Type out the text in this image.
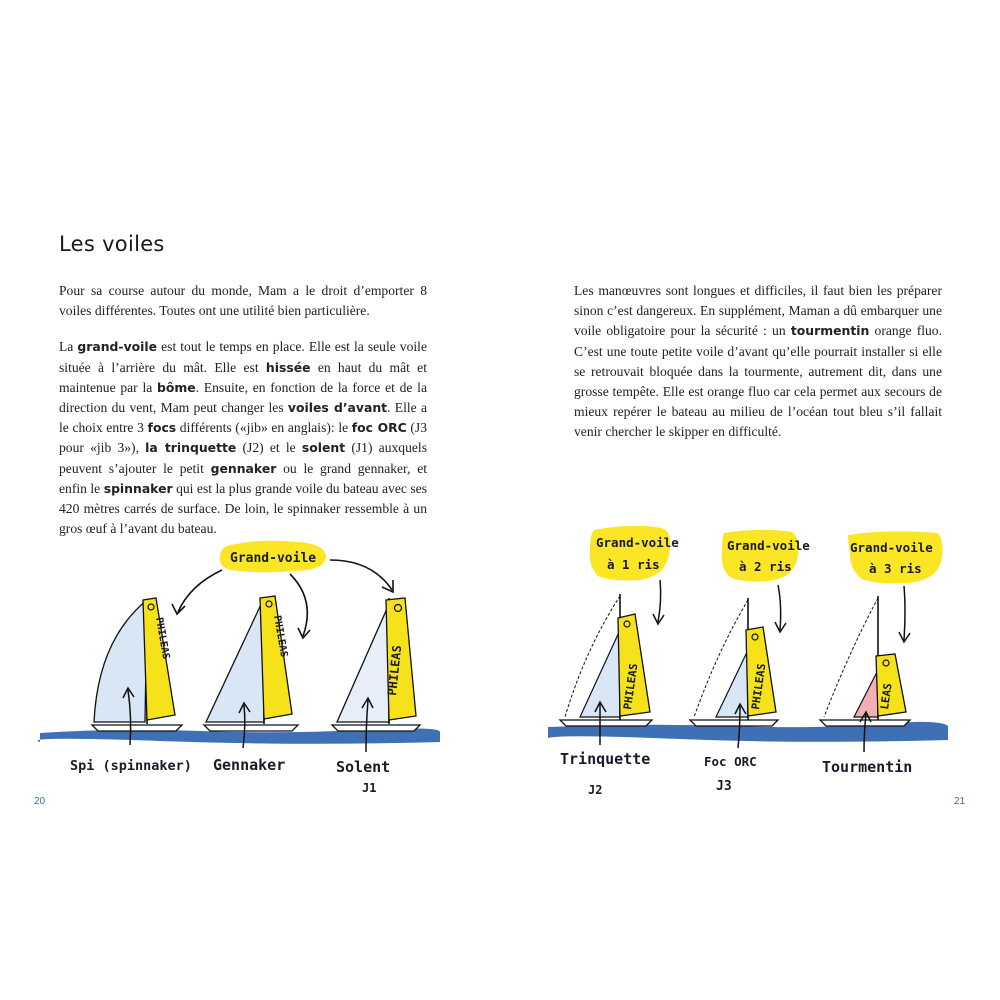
Les voiles

Pour sa course autour du monde, Mam a le droit d’emporter 8 voiles différentes. Toutes ont une utilité bien particulière.

La grand-voile est tout le temps en place. Elle est la seule voile située à l’arrière du mât. Elle est hissée en haut du mât et maintenue par la bôme. Ensuite, en fonction de la force et de la direction du vent, Mam peut changer les voiles d’avant. Elle a le choix entre 3 focs différents («jib» en anglais): le foc ORC (J3 pour «jib 3»), la trinquette (J2) et le solent (J1) auxquels peuvent s’ajouter le petit gennaker ou le grand gennaker, et enfin le spinnaker qui est la plus grande voile du bateau avec ses 420 mètres carrés de surface. De loin, le spinnaker ressemble à un gros œuf à l’avant du bateau.

Les manœuvres sont longues et difficiles, il faut bien les préparer sinon c’est dangereux. En supplément, Maman a dû embarquer une voile obligatoire pour la sécurité : un tourmentin orange fluo. C’est une toute petite voile d’avant qu’elle pourrait installer si elle se retrouvait bloquée dans la tourmente, autrement dit, dans une grosse tempête. Elle est orange fluo car cela permet aux secours de mieux repérer le bateau au milieu de l’océan tout bleu s’il fallait venir chercher le skipper en difficulté.

Grand-voile
PHILEAS	PHILEAS
PHILEAS
Spi (spinnaker) Gennaker	Solent
J1
Grand-voile
à 1 ris
Grand-voile
à 2 ris
Grand-voile
à 3 ris
PHILEAS	PHILEAS	LEAS
Trinquette
J2
Foc ORC
J3
Tourmentin
20	21
